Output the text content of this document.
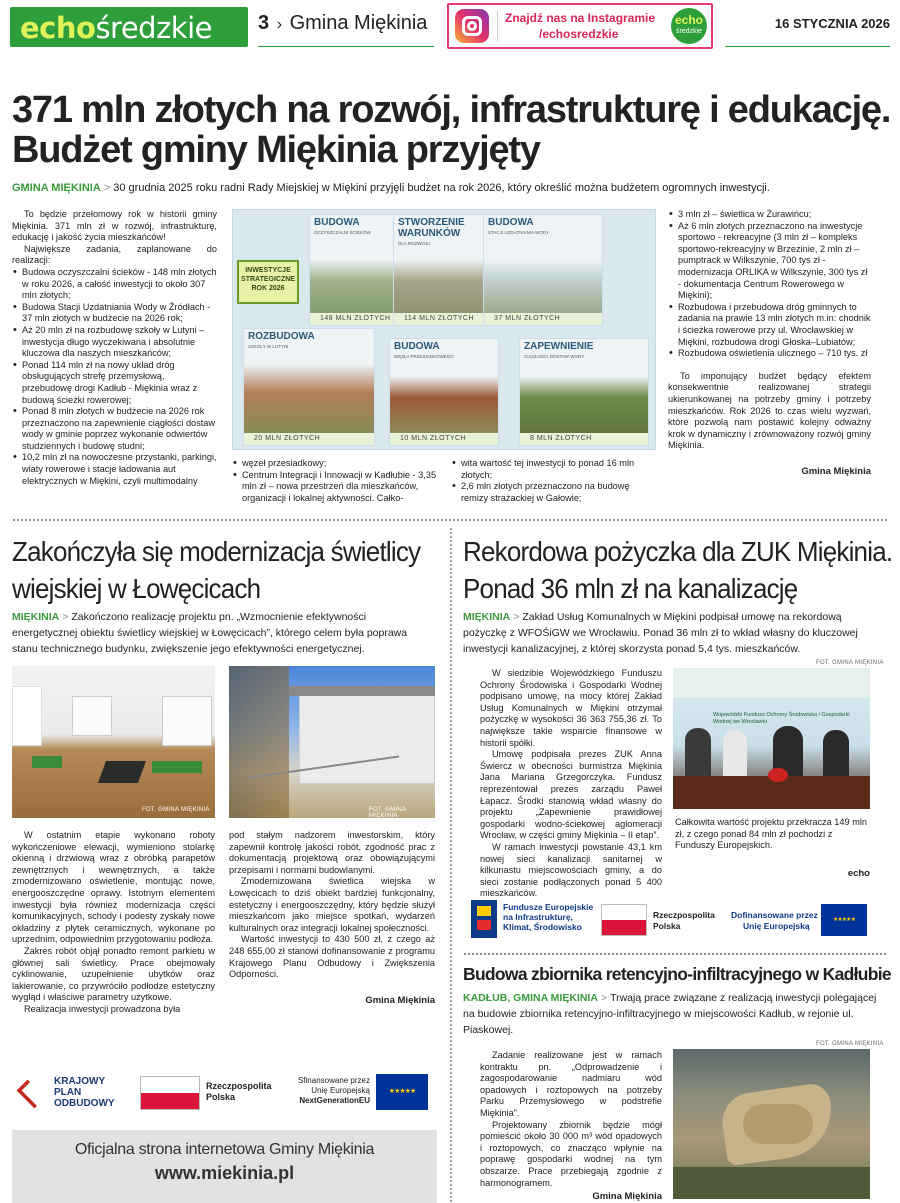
echośredzkie	3 › Gmina Miękinia	Znajdź nas na Instagramie
/echosredzkie
echo
średzkie
16 STYCZNIA 2026
371 mln złotych na rozwój, infrastrukturę i edukację.
Budżet gminy Miękinia przyjęty
GMINA MIĘKINIA > 30 grudnia 2025 roku radni Rady Miejskiej w Miękini przyjęli budżet na rok 2026, który określić można budżetem ogromnych inwestycji.

To będzie przełomowy rok w historii gminy Miękinia. 371 mln zł w rozwój, infrastrukturę, edukację i jakość życia mieszkańców!

Największe zadania, zaplanowane do realizacji:

• Budowa oczyszczalni ścieków - 148 mln złotych w roku 2026, a całość inwestycji to około 307 mln złotych;
• Budowa Stacji Uzdatniania Wody w Źródłach - 37 mln złotych w budżecie na 2026 rok;
• Aż 20 mln zł na rozbudowę szkoły w Lutyni – inwestycja długo wyczekiwana i absolutnie kluczowa dla naszych mieszkańców;
• Ponad 114 mln zł na nowy układ dróg obsługujących strefę przemysłową, przebudowę drogi Kadłub - Miękinia wraz z budową ścieżki rowerowej;
• Ponad 8 mln złotych w budżecie na 2026 rok przeznaczono na zapewnienie ciągłości dostaw wody w gminie poprzez wykonanie odwiertów studziennych i budowę studni;
• 10,2 mln zł na nowoczesne przystanki, parkingi, wiaty rowerowe i stacje ładowania aut elektrycznych w Miękini, czyli multimodalny
INWESTYCJE STRATEGICZNE ROK 2026
BUDOWA
OCZYSZCZALNI ŚCIEKÓW
148 MLN ZŁOTYCH
STWORZENIE WARUNKÓW
DLA ROZWOJU
114 MLN ZŁOTYCH
BUDOWA
STACJI UZDATNIANIA WODY
37 MLN ZŁOTYCH
ROZBUDOWA
SZKOŁY W LUTYNI
20 MLN ZŁOTYCH
BUDOWA
WĘZŁA PRZESIADKOWEGO
10 MLN ZŁOTYCH
ZAPEWNIENIE
CIĄGŁOŚCI DOSTAW WODY
8 MLN ZŁOTYCH
• węzeł przesiadkowy;
• Centrum Integracji i Innowacji w Kadłubie - 3,35 mln zł – nowa przestrzeń dla mieszkańców, organizacji i lokalnej aktywności. Całko-
• wita wartość tej inwestycji to ponad 16 mln złotych;
• 2,6 mln złotych przeznaczono na budowę remizy strażackiej w Gałowie;
• 3 mln zł – świetlica w Żurawińcu;
• Aż 6 mln złotych przeznaczono na inwestycje sportowo - rekreacyjne (3 mln zł – kompleks sportowo-rekreacyjny w Brzezinie, 2 mln zł – pumptrack w Wilkszynie, 700 tys zł - modernizacja ORLIKA w Wilkszynie, 300 tys zł - dokumentacja Centrum Rowerowego w Miękini);
• Rozbudowa i przebudowa dróg gminnych to zadania na prawie 13 mln złotych m.in: chodnik i ścieżka rowerowe przy ul. Wrocławskiej w Miękini, rozbudowa drogi Głoska–Lubiatów;
• Rozbudowa oświetlenia ulicznego – 710 tys. zł

To imponujący budżet będący efektem konsekwentnie realizowanej strategii ukierunkowanej na potrzeby gminy i potrzeby mieszkańców. Rok 2026 to czas wielu wyzwań, które pozwolą nam postawić kolejny odważny krok w dynamiczny i zrównoważony rozwój gminy Miękinia.

Gmina Miękinia
Zakończyła się modernizacja świetlicy
wiejskiej w Łowęcicach
MIĘKINIA > Zakończono realizację projektu pn. „Wzmocnienie efektywności energetycznej obiektu świetlicy wiejskiej w Łowęcicach”, którego celem była poprawa stanu technicznego budynku, zwiększenie jego efektywności energetycznej.
FOT. GMINA MIĘKINIA	FOT. GMINA MIĘKINIA

W ostatnim etapie wykonano roboty wykończeniowe elewacji, wymieniono stolarkę okienną i drzwiową wraz z obróbką parapetów zewnętrznych i wewnętrznych, a także zmodernizowano oświetlenie, montując nowe, energooszczędne oprawy. Istotnym elementem inwestycji była również modernizacja części komunikacyjnych, schody i podesty zyskały nowe okładziny z płytek ceramicznych, wykonane po uprzednim, odpowiednim przygotowaniu podłoża.

Zakres robót objął ponadto remont parkietu w głównej sali świetlicy. Prace obejmowały cyklinowanie, uzupełnienie ubytków oraz lakierowanie, co przywróciło podłodze estetyczny wygląd i właściwe parametry użytkowe.

Realizacja inwestycji prowadzona była

pod stałym nadzorem inwestorskim, który zapewnił kontrolę jakości robót, zgodność prac z dokumentacją projektową oraz obowiązującymi przepisami i normami budowlanymi.

Zmodernizowana świetlica wiejska w Łowęcicach to dziś obiekt bardziej funkcjonalny, estetyczny i energooszczędny, który będzie służył mieszkańcom jako miejsce spotkań, wydarzeń kulturalnych oraz integracji lokalnej społeczności.

Wartość inwestycji to 430 500 zł, z czego aż 248 655,00 zł stanowi dofinansowanie z programu Krajowego Planu Odbudowy i Zwiększenia Odporności.

Gmina Miękinia
KRAJOWY
PLAN
ODBUDOWY
Rzeczpospolita
Polska
Sfinansowane przez
Unię Europejską
NextGenerationEU
★★★★★
Oficjalna strona internetowa Gminy Miękinia
www.miekinia.pl
Rekordowa pożyczka dla ZUK Miękinia.
Ponad 36 mln zł na kanalizację
MIĘKINIA > Zakład Usług Komunalnych w Miękini podpisał umowę na rekordową pożyczkę z WFOŚiGW we Wrocławiu. Ponad 36 mln zł to wkład własny do kluczowej inwestycji kanalizacyjnej, z której skorzysta ponad 5,4 tys. mieszkańców.

W siedzibie Wojewódzkiego Funduszu Ochrony Środowiska i Gospodarki Wodnej podpisano umowę, na mocy której Zakład Usług Komunalnych w Miękini otrzymał pożyczkę w wysokości 36 363 755,36 zł. To największe takie wsparcie finansowe w historii spółki.

Umowę podpisała prezes ZUK Anna Świercz w obecności burmistrza Miękinia Jana Mariana Grzegorczyka. Fundusz reprezentował prezes zarządu Paweł Łapacz. Środki stanowią wkład własny do projektu „Zapewnienie prawidłowej gospodarki wodno-ściekowej aglomeracji Wrocław, w części gminy Miękinia – II etap”.

W ramach inwestycji powstanie 43,1 km nowej sieci kanalizacji sanitarnej w kilkunastu miejscowościach gminy, a do sieci zostanie podłączonych ponad 5 400 mieszkańców.

FOT. GMINA MIĘKINIA
Wojewódzki Fundusz Ochrony Środowiska i Gospodarki Wodnej we Wrocławiu
Całkowita wartość projektu przekracza 149 mln zł, z czego ponad 84 mln zł pochodzi z Funduszy Europejskich.
echo
Fundusze Europejskie
na Infrastrukturę,
Klimat, Środowisko
Rzeczpospolita
Polska
Dofinansowane przez
Unię Europejską
★★★★★
Budowa zbiornika retencyjno-infiltracyjnego w Kadłubie
KADŁUB, GMINA MIĘKINIA > Trwają prace związane z realizacją inwestycji polegającej na budowie zbiornika retencyjno-infiltracyjnego w miejscowości Kadłub, w rejonie ul. Piaskowej.

Zadanie realizowane jest w ramach kontraktu pn. „Odprowadzenie i zagospodarowanie nadmiaru wód opadowych i roztopowych na potrzeby Parku Przemysłowego w podstrefie Miękinia”.

Projektowany zbiornik będzie mógł pomieścić około 30 000 m³ wód opadowych i roztopowych, co znacząco wpłynie na poprawę gospodarki wodnej na tym obszarze. Prace przebiegają zgodnie z harmonogramem.

Gmina Miękinia
FOT. GMINA MIĘKINIA
